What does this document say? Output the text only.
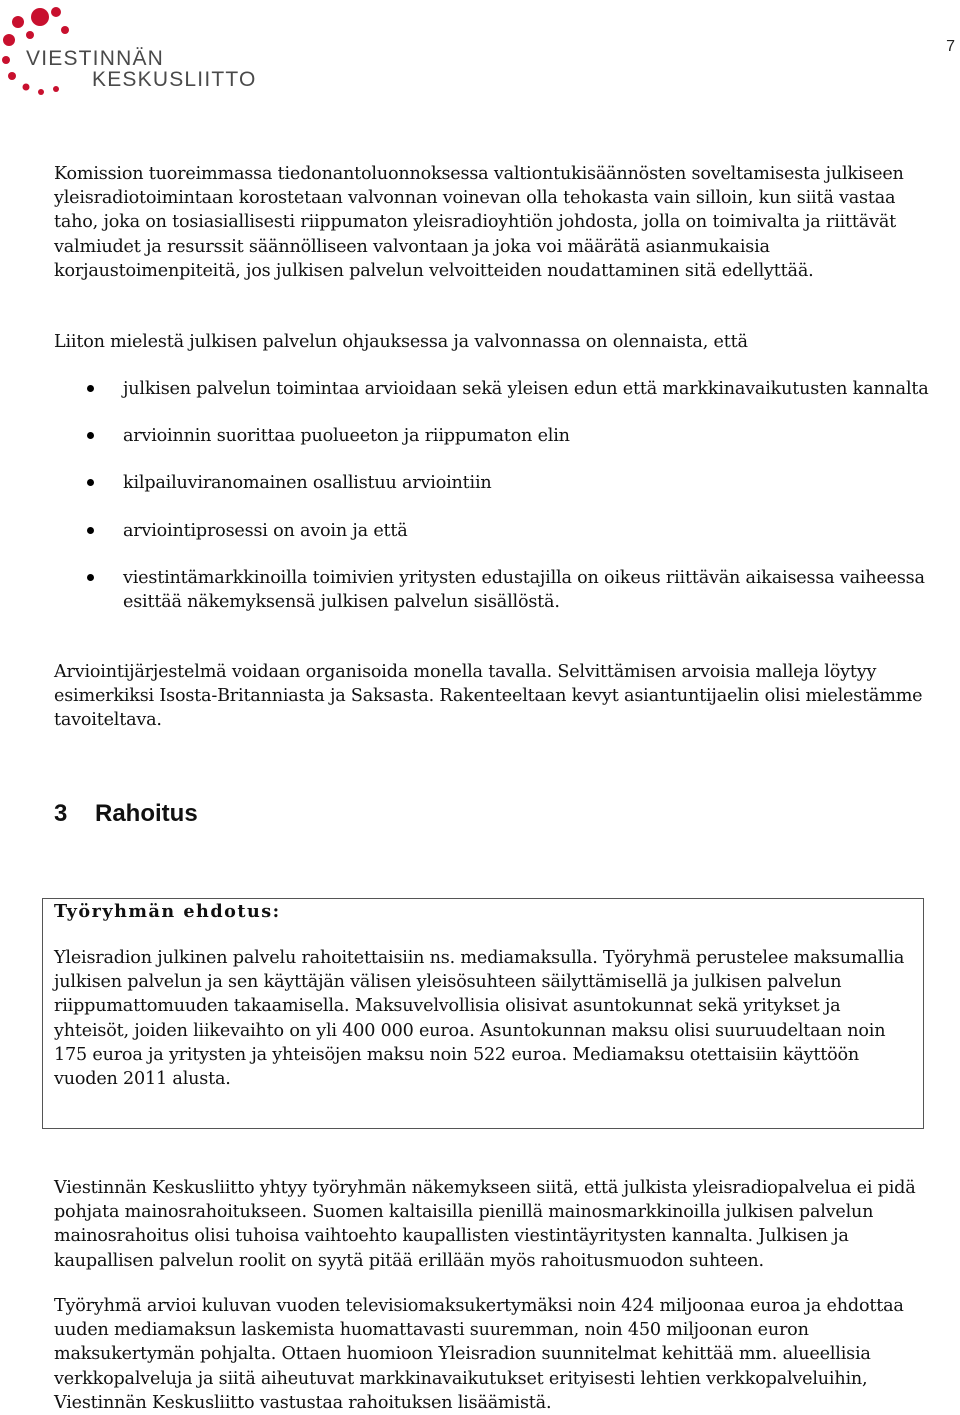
VIESTINNÄN
KESKUSLIITTO
7

Komission tuoreimmassa tiedonantoluonnoksessa valtiontukisäännösten soveltamisesta julkiseen yleisradiotoimintaan korostetaan valvonnan voinevan olla tehokasta vain silloin, kun siitä vastaa taho, joka on tosiasiallisesti riippumaton yleisradioyhtiön johdosta, jolla on toimivalta ja riittävät valmiudet ja resurssit säännölliseen valvontaan ja joka voi määrätä asianmukaisia korjaustoimenpiteitä, jos julkisen palvelun velvoitteiden noudattaminen sitä edellyttää.

Liiton mielestä julkisen palvelun ohjauksessa ja valvonnassa on olennaista, että

julkisen palvelun toimintaa arvioidaan sekä yleisen edun että markkinavaikutusten kannalta
arvioinnin suorittaa puolueeton ja riippumaton elin
kilpailuviranomainen osallistuu arviointiin
arviointiprosessi on avoin ja että
viestintämarkkinoilla toimivien yritysten edustajilla on oikeus riittävän aikaisessa vaiheessa esittää näkemyksensä julkisen palvelun sisällöstä.

Arviointijärjestelmä voidaan organisoida monella tavalla. Selvittämisen arvoisia malleja löytyy esimerkiksi Isosta-Britanniasta ja Saksasta. Rakenteeltaan kevyt asiantuntijaelin olisi mielestämme tavoiteltava.

3 Rahoitus
Työryhmän ehdotus:

Yleisradion julkinen palvelu rahoitettaisiin ns. mediamaksulla. Työryhmä perustelee maksumallia julkisen palvelun ja sen käyttäjän välisen yleisösuhteen säilyttämisellä ja julkisen palvelun riippumattomuuden takaamisella. Maksuvelvollisia olisivat asuntokunnat sekä yritykset ja yhteisöt, joiden liikevaihto on yli 400 000 euroa. Asuntokunnan maksu olisi suuruudeltaan noin 175 euroa ja yritysten ja yhteisöjen maksu noin 522 euroa. Mediamaksu otettaisiin käyttöön vuoden 2011 alusta.

Viestinnän Keskusliitto yhtyy työryhmän näkemykseen siitä, että julkista yleisradiopalvelua ei pidä pohjata mainosrahoitukseen. Suomen kaltaisilla pienillä mainosmarkkinoilla julkisen palvelun mainosrahoitus olisi tuhoisa vaihtoehto kaupallisten viestintäyritysten kannalta. Julkisen ja kaupallisen palvelun roolit on syytä pitää erillään myös rahoitusmuodon suhteen.

Työryhmä arvioi kuluvan vuoden televisiomaksukertymäksi noin 424 miljoonaa euroa ja ehdottaa uuden mediamaksun laskemista huomattavasti suuremman, noin 450 miljoonan euron maksukertymän pohjalta. Ottaen huomioon Yleisradion suunnitelmat kehittää mm. alueellisia verkkopalveluja ja siitä aiheutuvat markkinavaikutukset erityisesti lehtien verkkopalveluihin, Viestinnän Keskusliitto vastustaa rahoituksen lisäämistä.
